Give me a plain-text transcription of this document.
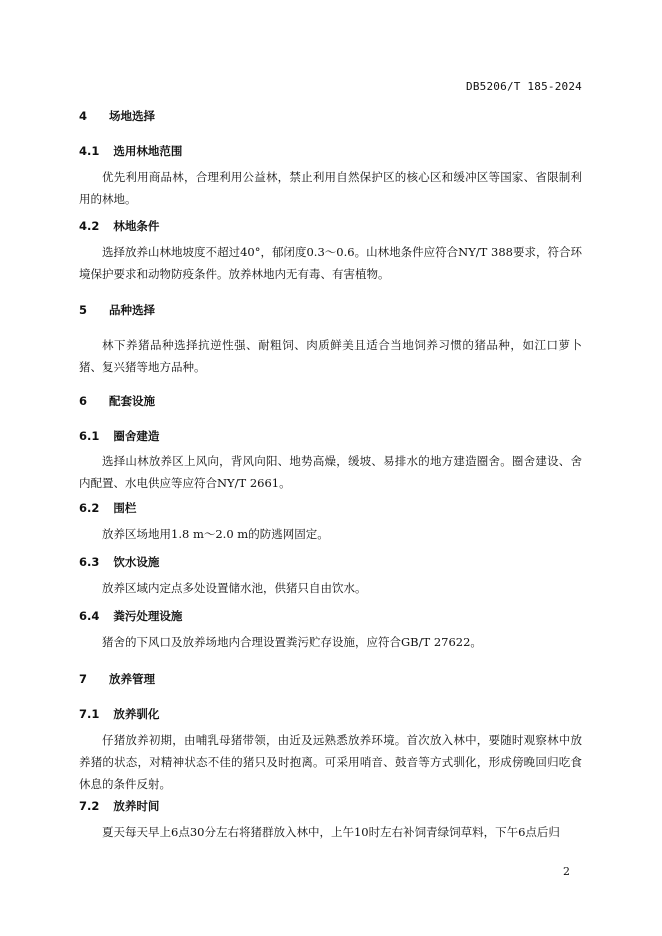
DB5206/T 185-2024
4 场地选择
4.1 选用林地范围
优先利用商品林，合理利用公益林，禁止利用自然保护区的核心区和缓冲区等国家、省限制利用的林地。
4.2 林地条件
选择放养山林地坡度不超过40°，郁闭度0.3～0.6。山林地条件应符合NY/T 388要求，符合环境保护要求和动物防疫条件。放养林地内无有毒、有害植物。
5 品种选择
林下养猪品种选择抗逆性强、耐粗饲、肉质鲜美且适合当地饲养习惯的猪品种，如江口萝卜猪、复兴猪等地方品种。
6 配套设施
6.1 圈舍建造
选择山林放养区上风向，背风向阳、地势高燥，缓坡、易排水的地方建造圈舍。圈舍建设、舍内配置、水电供应等应符合NY/T 2661。
6.2 围栏
放养区场地用1.8 m～2.0 m的防逃网固定。
6.3 饮水设施
放养区域内定点多处设置储水池，供猪只自由饮水。
6.4 粪污处理设施
猪舍的下风口及放养场地内合理设置粪污贮存设施，应符合GB/T 27622。
7 放养管理
7.1 放养驯化
仔猪放养初期，由哺乳母猪带领，由近及远熟悉放养环境。首次放入林中，要随时观察林中放养猪的状态，对精神状态不佳的猪只及时抱离。可采用哨音、鼓音等方式驯化，形成傍晚回归吃食休息的条件反射。
7.2 放养时间
夏天每天早上6点30分左右将猪群放入林中，上午10时左右补饲青绿饲草料，下午6点后归
2
